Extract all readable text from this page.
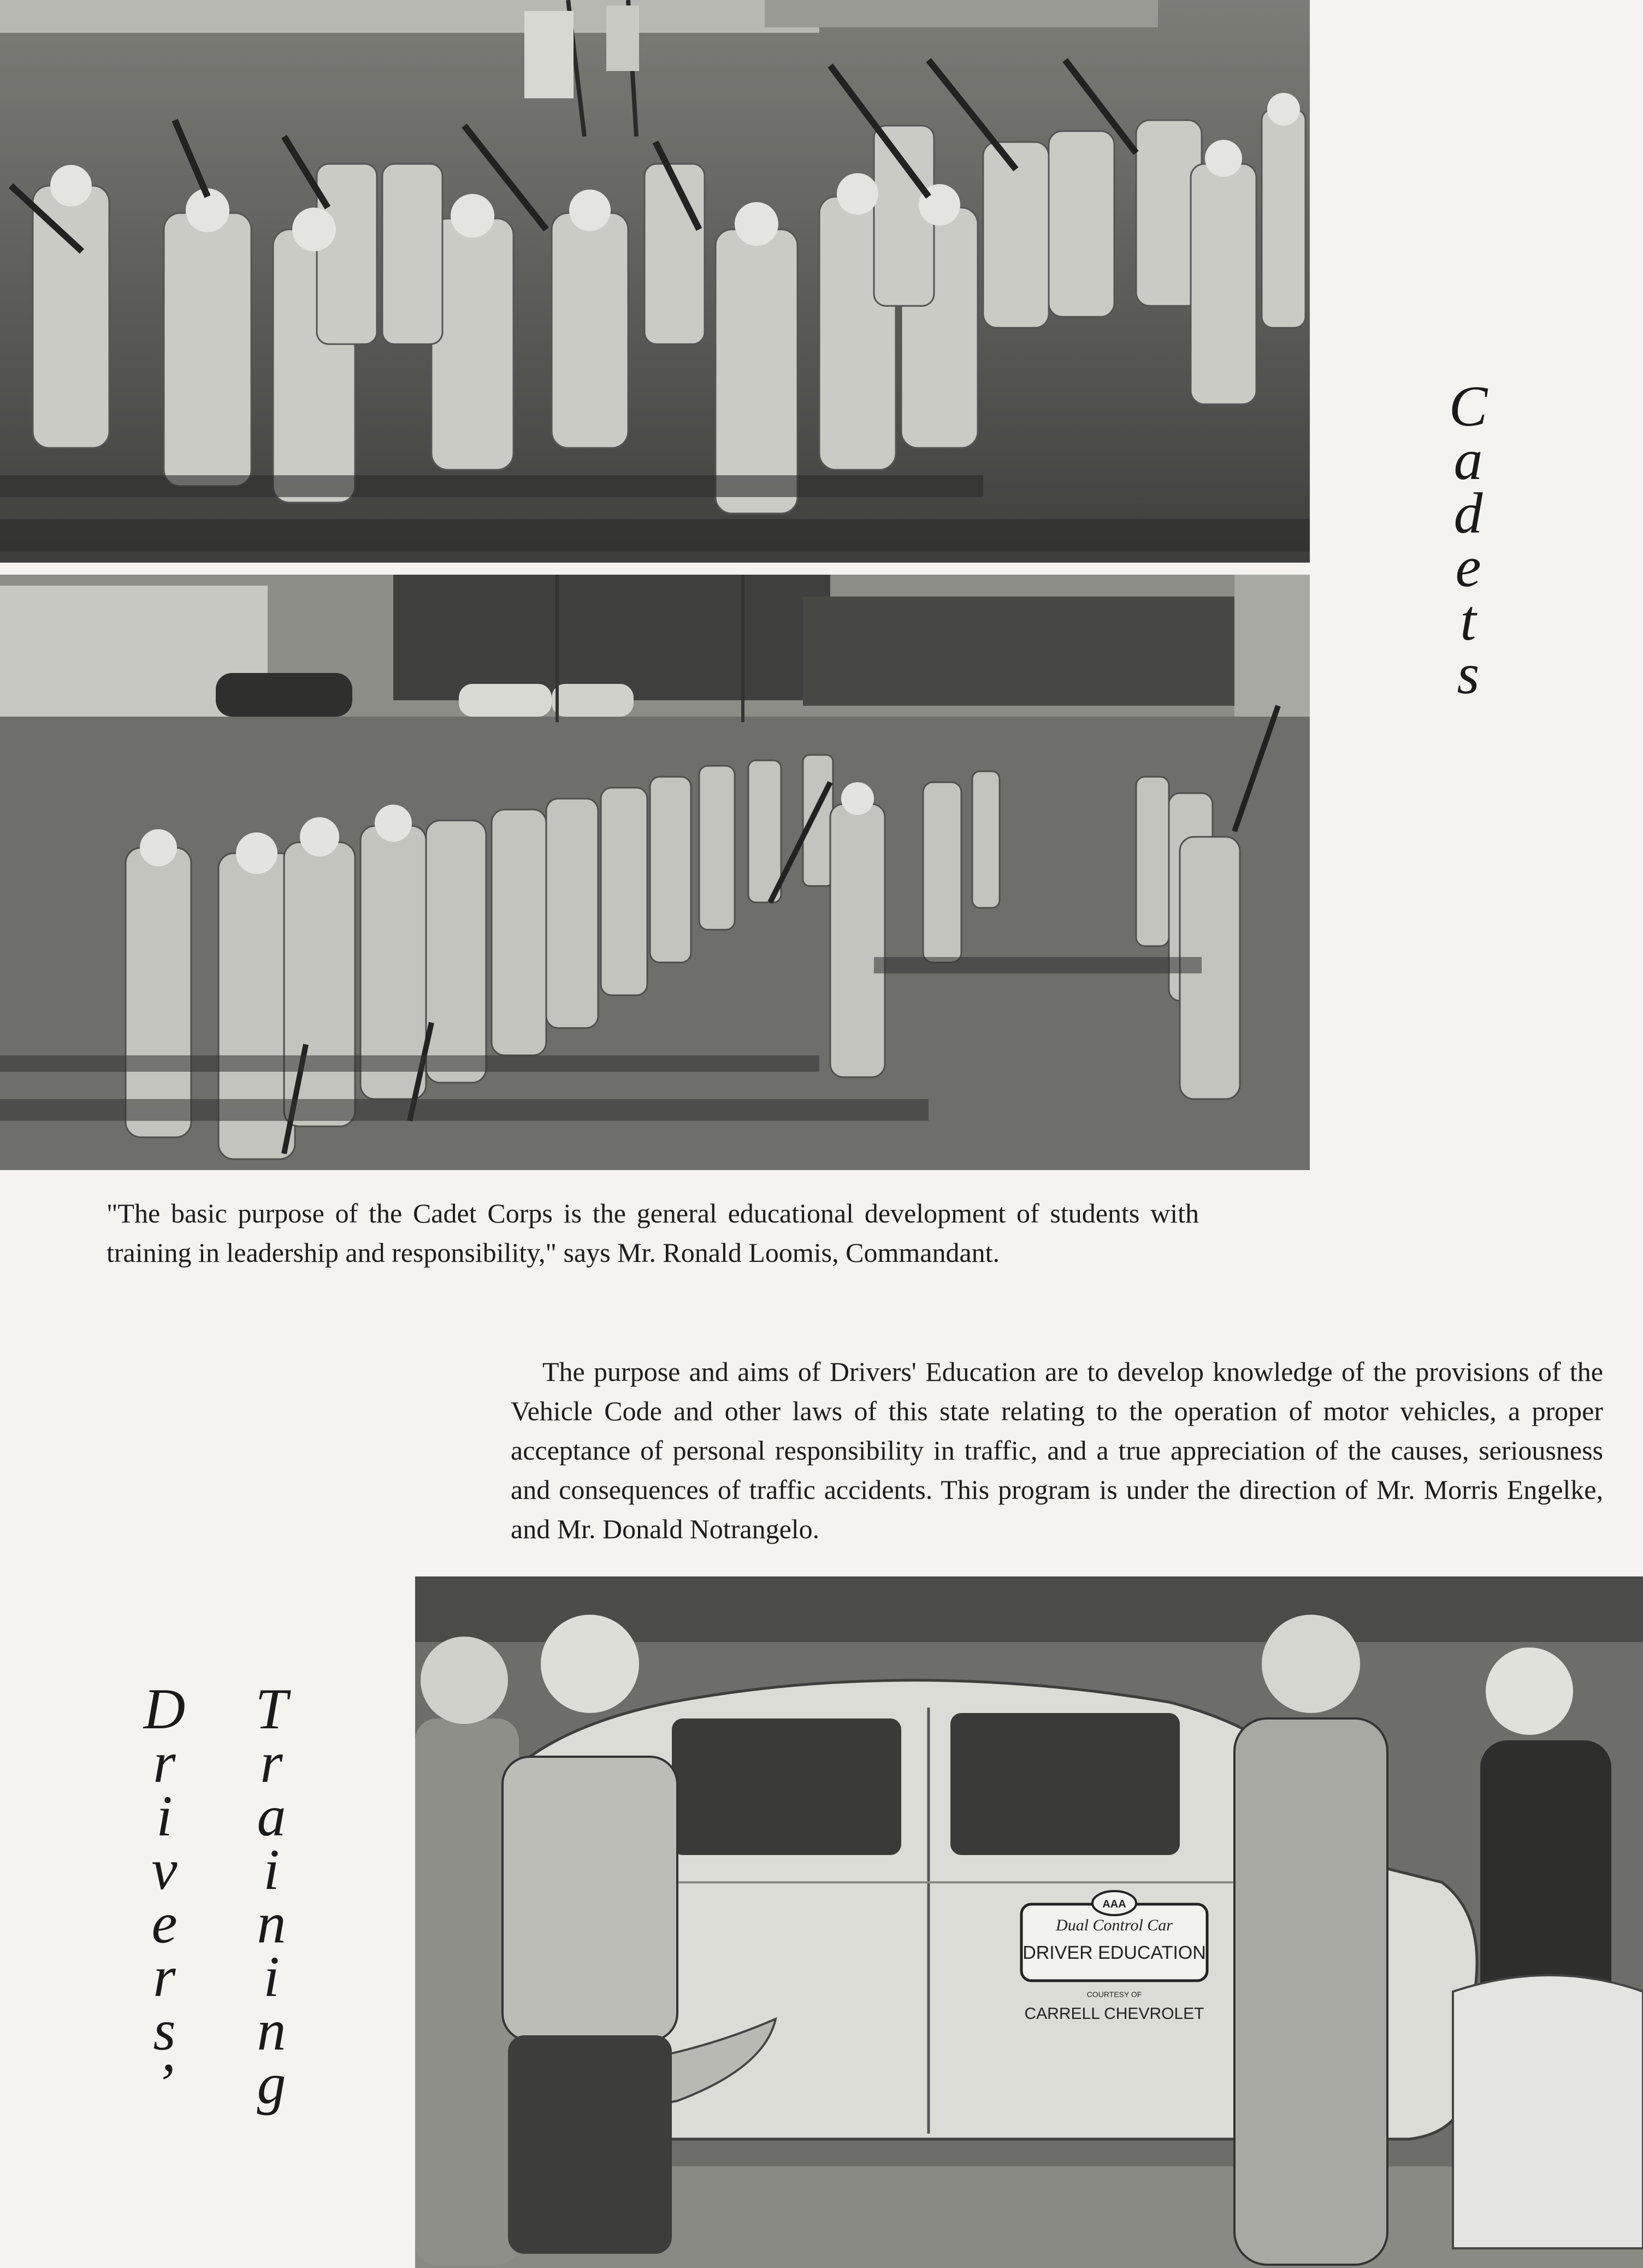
C
a
d
e
t
s

"The basic purpose of the Cadet Corps is the general educational development of students with training in leadership and responsibility," says Mr. Ronald Loomis, Commandant.

The purpose and aims of Drivers' Education are to develop knowledge of the provisions of the Vehicle Code and other laws of this state relating to the operation of motor vehicles, a proper acceptance of personal responsibility in traffic, and a true appreciation of the causes, seriousness and consequences of traffic accidents. This program is under the direction of Mr. Morris Engelke, and Mr. Donald Notrangelo.

D
r
i
v
e
r
s
’
T
r
a
i
n
i
n
g
AAA
Dual Control Car
DRIVER EDUCATION
COURTESY OF
CARRELL CHEVROLET
